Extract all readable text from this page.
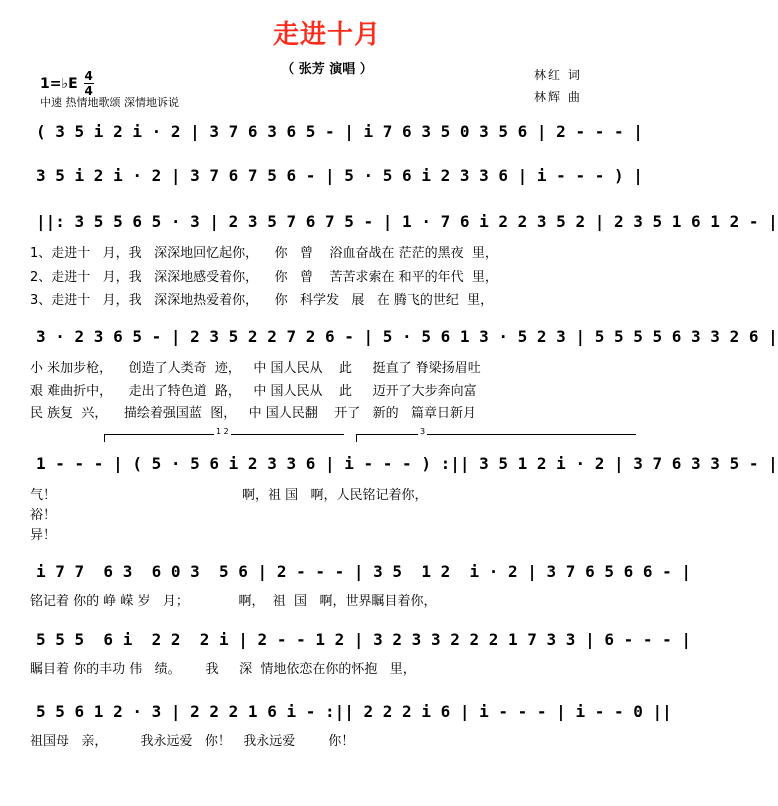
走进十月
（ 张芳 演唱 ）
1=♭E 4
4
中速 热情地歌颂 深情地诉说
林红 词
林辉 曲
( 3 5 i 2 i · 2 | 3 7 6 3 6 5 - | i 7 6 3 5 0 3 5 6 | 2 - - - |
3 5 i 2 i · 2 | 3 7 6 7 5 6 - | 5 · 5 6 i 2 3 3 6 | i - - - ) |
||: 3 5 5 6 5 · 3 | 2 3 5 7 6 7 5 - | 1 · 7 6 i 2 2 3 5 2 | 2 3 5 1 6 1 2 - |
1、走进十   月，我   深深地回忆起你，    你   曾    浴血奋战在 茫茫的黑夜  里，
2、走进十   月，我   深深地感受着你，    你   曾    苦苦求索在 和平的年代  里，
3、走进十   月，我   深深地热爱着你，    你   科学发   展   在 腾飞的世纪  里，
3 · 2 3 6 5 - | 2 3 5 2 2 7 2 6 - | 5 · 5 6 1 3 · 5 2 3 | 5 5 5 5 6 3 3 2 6 |
小 米加步枪，    创造了人类奇  迹，   中 国人民从    此     挺直了 脊梁扬眉吐
艰 难曲折中，    走出了特色道  路，   中 国人民从    此     迈开了大步奔向富
民 族复  兴，    描绘着强国蓝  图，   中 国人民翻    开了   新的   篇章日新月
1 2	3
1 - - - | ( 5 · 5 6 i 2 3 3 6 | i - - - ) :|| 3 5 1 2 i · 2 | 3 7 6 3 3 5 - |
气！                                             啊，祖 国   啊，人民铭记着你，
裕！
异！
i 7 7  6 3  6 0 3  5 6 | 2 - - - | 3 5  1 2  i · 2 | 3 7 6 5 6 6 - |
铭记着 你的 峥 嵘 岁   月；            啊，  祖  国   啊，世界瞩目着你，
5 5 5  6 i  2 2  2 i | 2 - - 1 2 | 3 2 3 3 2 2 2 1 7 3 3 | 6 - - - |
瞩目着 你的丰功 伟   绩。      我     深  情地依恋在你的怀抱   里，
5 5 6 1 2 · 3 | 2 2 2 1 6 i - :|| 2 2 2 i 6 | i - - - | i - - 0 ||
祖国母   亲，        我永远爱   你！   我永远爱        你！
